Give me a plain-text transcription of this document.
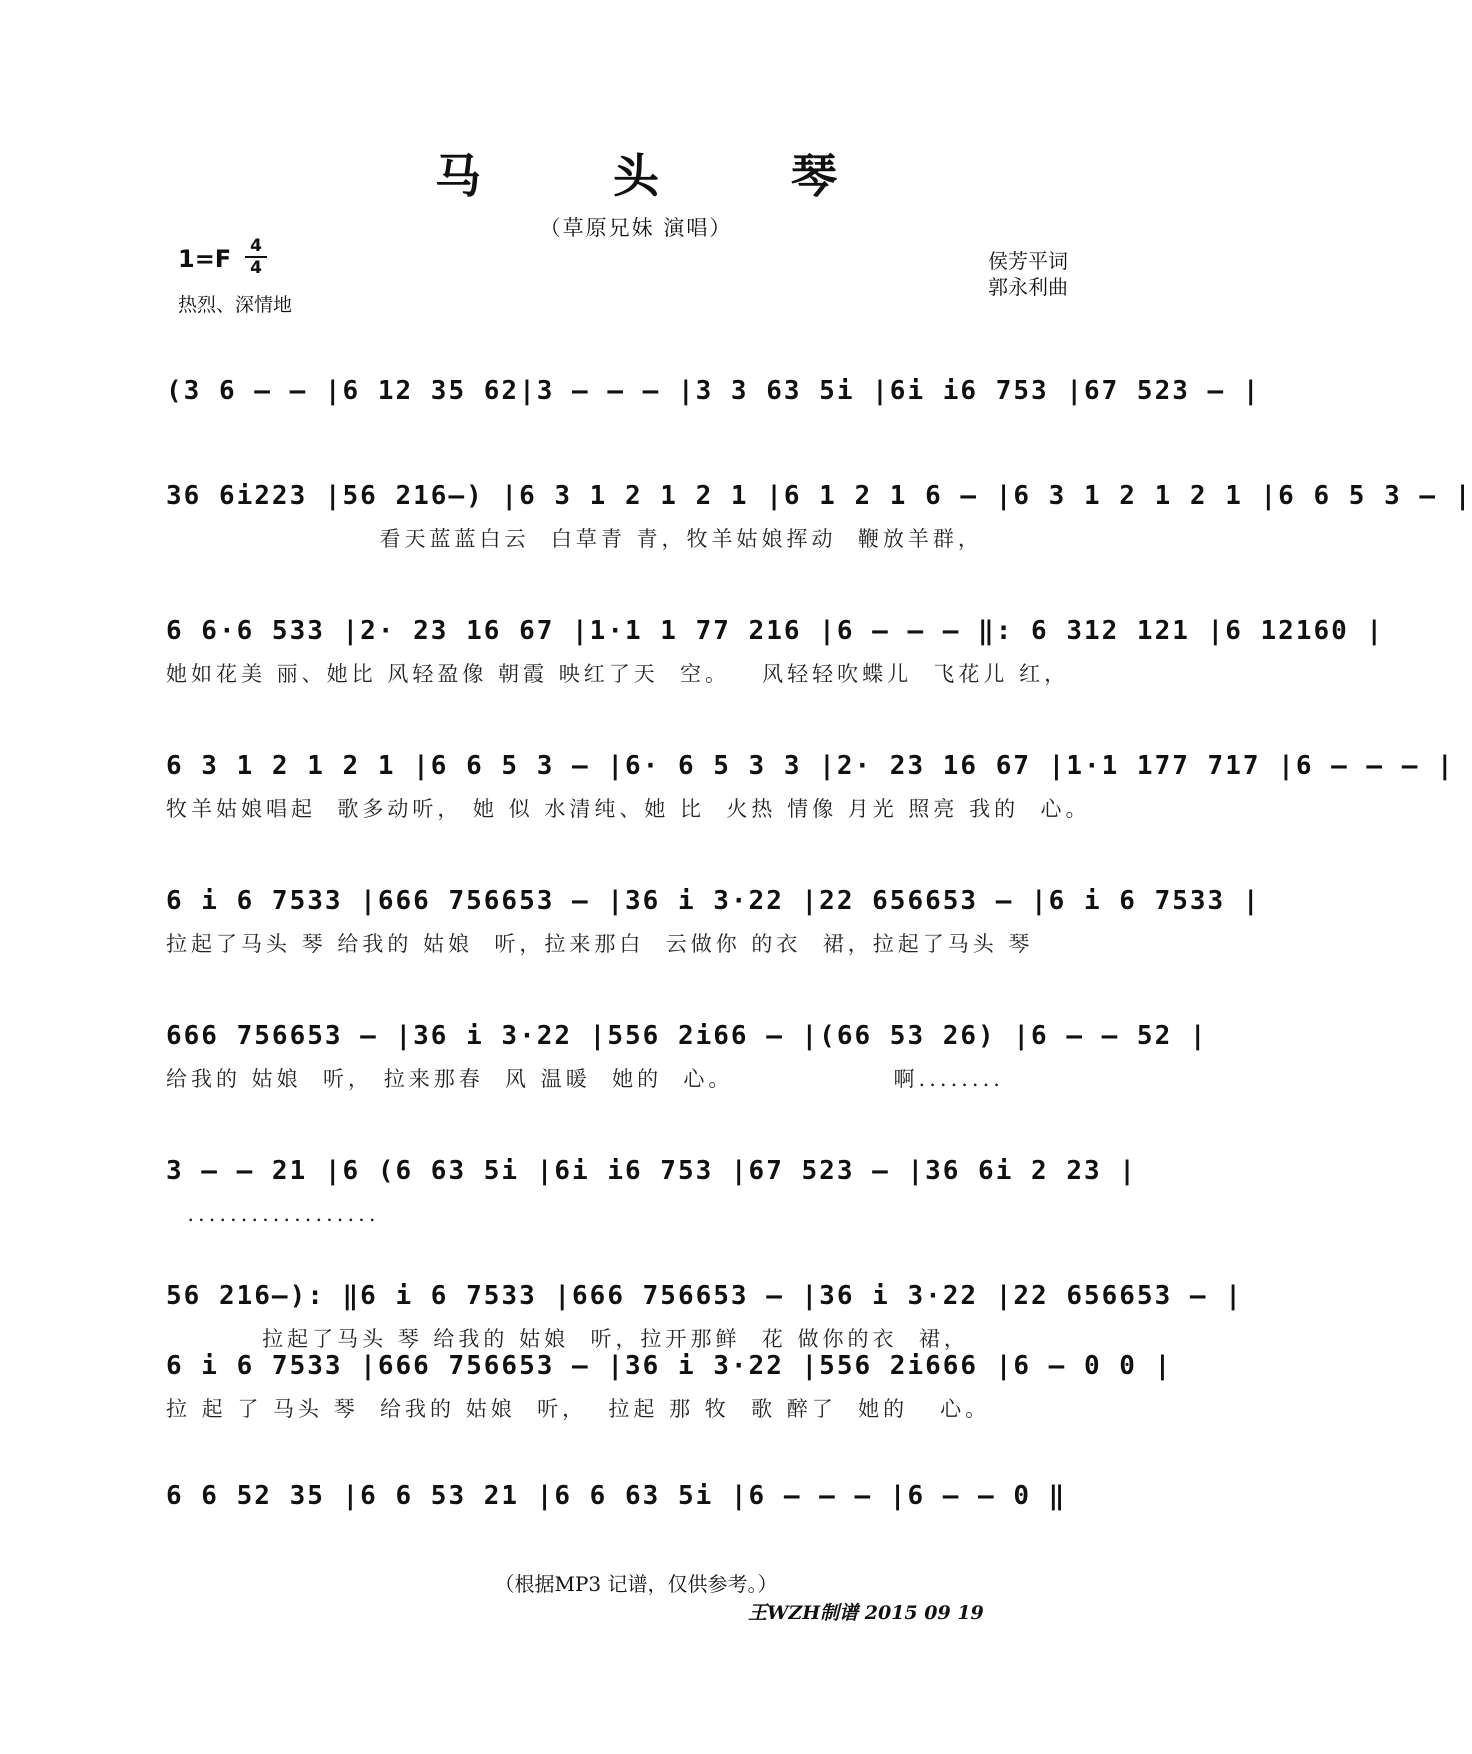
马 头 琴
（草原兄妹 演唱）
1=F 4
4
热烈、深情地
侯芳平词
郭永利曲
(3 6 – – |6 12 35 62|3 – – – |3 3 63 5i |6i i6 753 |67 523 – |
36 6i223 |56 216–) |6 3 1 2 1 2 1 |6 1 2 1 6 – |6 3 1 2 1 2 1 |6 6 5 3 – |
看天蓝蓝白云  白草青 青，牧羊姑娘挥动  鞭放羊群，
6 6·6 533 |2· 23 16 67 |1·1 1 77 216 |6 – – – ‖: 6 312 121 |6 12160 |
她如花美 丽、她比 风轻盈像 朝霞 映红了天  空。   风轻轻吹蝶儿  飞花儿 红，
6 3 1 2 1 2 1 |6 6 5 3 – |6· 6 5 3 3 |2· 23 16 67 |1·1 177 717 |6 – – – |
牧羊姑娘唱起  歌多动听， 她 似 水清纯、她 比  火热 情像 月光 照亮 我的  心。
6 i 6 7533 |666 756653 – |36 i 3·22 |22 656653 – |6 i 6 7533 |
拉起了马头 琴 给我的 姑娘  听，拉来那白  云做你 的衣  裙，拉起了马头 琴
666 756653 – |36 i 3·22 |556 2i66 – |(66 53 26) |6 – – 52 |
给我的 姑娘  听， 拉来那春  风 温暖  她的  心。               啊........
3 – – 21 |6 (6 63 5i |6i i6 753 |67 523 – |36 6i 2 23 |
..................
56 216–): ‖6 i 6 7533 |666 756653 – |36 i 3·22 |22 656653 – |
拉起了马头 琴 给我的 姑娘  听，拉开那鲜  花 做你的衣  裙，
6 i 6 7533 |666 756653 – |36 i 3·22 |556 2i666 |6 – 0 0 |
拉 起 了 马头 琴  给我的 姑娘  听，  拉起 那 牧  歌 醉了  她的   心。
6 6 52 35 |6 6 53 21 |6 6 63 5i |6 – – – |6 – – 0 ‖
（根据MP3 记谱，仅供参考。）
王WZH制谱 2015 09 19
